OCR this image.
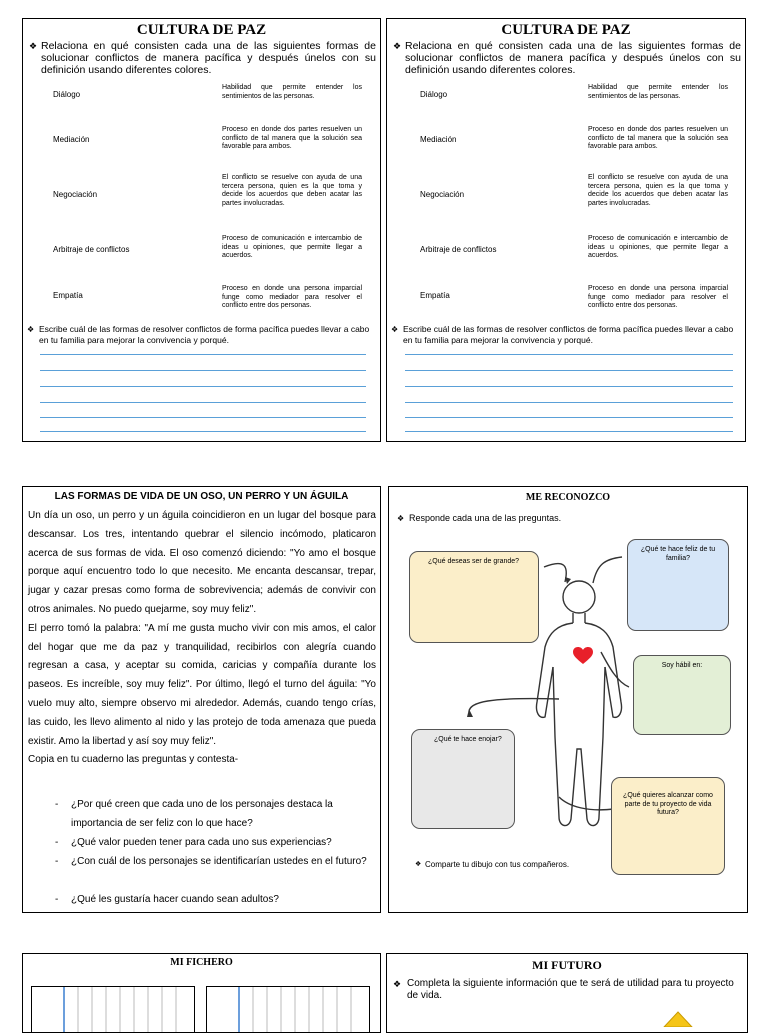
CULTURA DE PAZ
❖ Relaciona en qué consisten cada una de las siguientes formas de solucionar conflictos de manera pacífica y después únelos con su definición usando diferentes colores.
Diálogo
Mediación
Negociación
Arbitraje de conflictos
Empatía
Habilidad que permite entender los sentimientos de las personas.
Proceso en donde dos partes resuelven un conflicto de tal manera que la solución sea favorable para ambos.
El conflicto se resuelve con ayuda de una tercera persona, quien es la que toma y decide los acuerdos que deben acatar las partes involucradas.
Proceso de comunicación e intercambio de ideas u opiniones, que permite llegar a acuerdos.
Proceso en donde una persona imparcial funge como mediador para resolver el conflicto entre dos personas.
❖ Escribe cuál de las formas de resolver conflictos de forma pacífica puedes llevar a cabo en tu familia para mejorar la convivencia y porqué.
CULTURA DE PAZ
❖ Relaciona en qué consisten cada una de las siguientes formas de solucionar conflictos de manera pacífica y después únelos con su definición usando diferentes colores.
Diálogo
Mediación
Negociación
Arbitraje de conflictos
Empatía
Habilidad que permite entender los sentimientos de las personas.
Proceso en donde dos partes resuelven un conflicto de tal manera que la solución sea favorable para ambos.
El conflicto se resuelve con ayuda de una tercera persona, quien es la que toma y decide los acuerdos que deben acatar las partes involucradas.
Proceso de comunicación e intercambio de ideas u opiniones, que permite llegar a acuerdos.
Proceso en donde una persona imparcial funge como mediador para resolver el conflicto entre dos personas.
❖ Escribe cuál de las formas de resolver conflictos de forma pacífica puedes llevar a cabo en tu familia para mejorar la convivencia y porqué.
LAS FORMAS DE VIDA DE UN OSO, UN PERRO Y UN ÁGUILA

Un día un oso, un perro y un águila coincidieron en un lugar del bosque para descansar. Los tres, intentando quebrar el silencio incómodo, platicaron acerca de sus formas de vida. El oso comenzó diciendo: "Yo amo el bosque porque aquí encuentro todo lo que necesito. Me encanta descansar, trepar, jugar y cazar presas como forma de sobrevivencia; además de convivir con otros animales. No puedo quejarme, soy muy feliz".

El perro tomó la palabra: "A mí me gusta mucho vivir con mis amos, el calor del hogar que me da paz y tranquilidad, recibirlos con alegría cuando regresan a casa, y aceptar su comida, caricias y compañía durante los paseos. Es increíble, soy muy feliz". Por último, llegó el turno del águila: "Yo vuelo muy alto, siempre observo mi alrededor. Además, cuando tengo crías, las cuido, les llevo alimento al nido y las protejo de toda amenaza que pueda existir. Amo la libertad y así soy muy feliz".

Copia en tu cuaderno las preguntas y contesta-

- ¿Por qué creen que cada uno de los personajes destaca la importancia de ser feliz con lo que hace?
- ¿Qué valor pueden tener para cada uno sus experiencias?
- ¿Con cuál de los personajes se identificarían ustedes en el futuro?
- ¿Qué les gustaría hacer cuando sean adultos?
ME RECONOZCO
❖ Responde cada una de las preguntas.
¿Qué deseas ser de grande?
¿Qué te hace feliz de tu familia?
Soy hábil en:
¿Qué te hace enojar?
¿Qué quieres alcanzar como parte de tu proyecto de vida futura?
❖ Comparte tu dibujo con tus compañeros.
MI FICHERO	MI FUTURO
❖ Completa la siguiente información que te será de utilidad para tu proyecto de vida.
